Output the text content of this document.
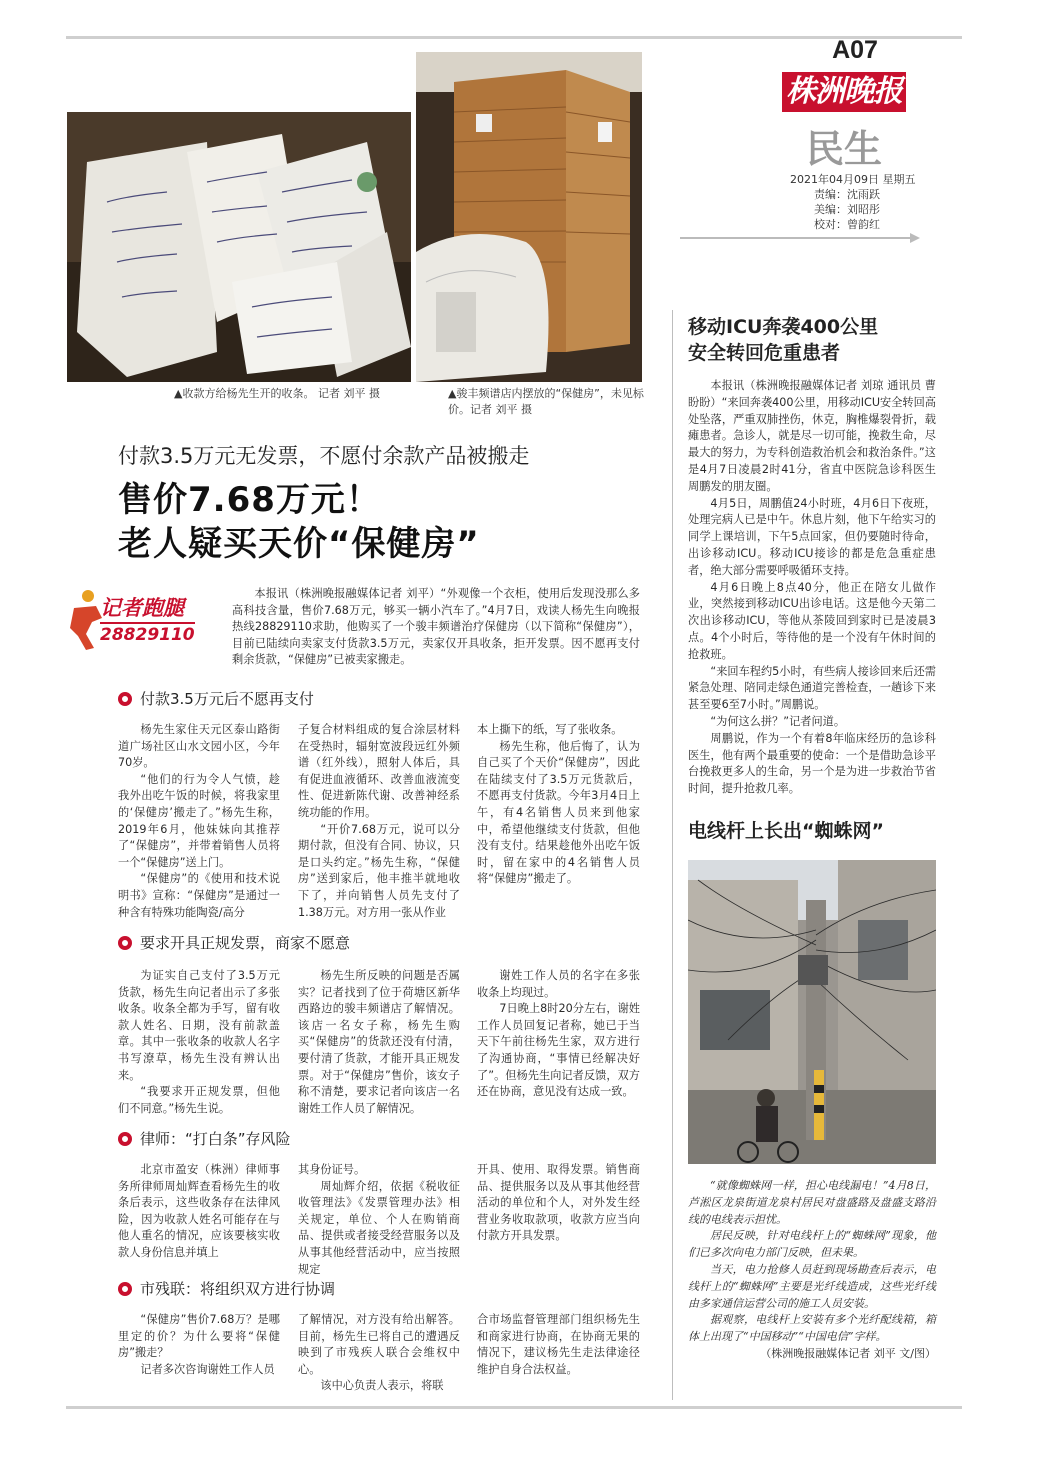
A07
株洲晚报
民生
2021年04月09日 星期五
责编：沈雨跃
美编：刘昭彤
校对：曾韵红
▲收款方给杨先生开的收条。 记者 刘平 摄	▲骏丰频谱店内摆放的“保健房”，未见标价。记者 刘平 摄
付款3.5万元无发票，不愿付余款产品被搬走
售价7.68万元！
老人疑买天价“保健房”
记者跑腿
28829110

本报讯（株洲晚报融媒体记者 刘平）“外观像一个衣柜，使用后发现没那么多高科技含量，售价7.68万元，够买一辆小汽车了。”4月7日，戏读人杨先生向晚报热线28829110求助，他购买了一个骏丰频谱治疗保健房（以下简称“保健房”），目前已陆续向卖家支付货款3.5万元，卖家仅开具收条，拒开发票。因不愿再支付剩余货款，“保健房”已被卖家搬走。

付款3.5万元后不愿再支付

杨先生家住天元区泰山路街道广场社区山水文园小区，今年70岁。

“他们的行为令人气愤，趁我外出吃午饭的时候，将我家里的‘保健房’搬走了。”杨先生称，2019年6月，他妹妹向其推荐了“保健房”，并带着销售人员将一个“保健房”送上门。

“保健房”的《使用和技术说明书》宣称：“保健房”是通过一种含有特殊功能陶瓷/高分

子复合材料组成的复合涂层材料在受热时，辐射宽波段远红外频谱（红外线），照射人体后，具有促进血液循环、改善血液流变性、促进新陈代谢、改善神经系统功能的作用。

“开价7.68万元，说可以分期付款，但没有合同、协议，只是口头约定。”杨先生称，“保健房”送到家后，他丰推半就地收下了，并向销售人员先支付了1.38万元。对方用一张从作业

本上撕下的纸，写了张收条。

杨先生称，他后悔了，认为自己买了个天价“保健房”，因此在陆续支付了3.5万元货款后，不愿再支付货款。今年3月4日上午，有4名销售人员来到他家中，希望他继续支付货款，但他没有支付。结果趁他外出吃午饭时，留在家中的4名销售人员将“保健房”搬走了。

要求开具正规发票，商家不愿意

为证实自己支付了3.5万元货款，杨先生向记者出示了多张收条。收条全都为手写，留有收款人姓名、日期，没有前款盖章。其中一张收条的收款人名字书写潦草，杨先生没有辨认出来。

“我要求开正规发票，但他们不同意。”杨先生说。

杨先生所反映的问题是否属实？记者找到了位于荷塘区新华西路边的骏丰频谱店了解情况。该店一名女子称，杨先生购买“保健房”的货款还没有付清，要付清了货款，才能开具正规发票。对于“保健房”售价，该女子称不清楚，要求记者向该店一名谢姓工作人员了解情况。

谢姓工作人员的名字在多张收条上均现过。

7日晚上8时20分左右，谢姓工作人员回复记者称，她已于当天下午前往杨先生家，双方进行了沟通协商，“事情已经解决好了”。但杨先生向记者反馈，双方还在协商，意见没有达成一致。

律师：“打白条”存风险

北京市盈安（株洲）律师事务所律师周灿辉查看杨先生的收条后表示，这些收条存在法律风险，因为收款人姓名可能存在与他人重名的情况，应该要核实收款人身份信息并填上

其身份证号。

周灿辉介绍，依据《税收征收管理法》《发票管理办法》相关规定，单位、个人在购销商品、提供或者接受经营服务以及从事其他经营活动中，应当按照规定

开具、使用、取得发票。销售商品、提供服务以及从事其他经营活动的单位和个人，对外发生经营业务收取款项，收款方应当向付款方开具发票。

市残联：将组织双方进行协调

“保健房”售价7.68万？是哪里定的价？为什么要将“保健房”搬走？

记者多次咨询谢姓工作人员

了解情况，对方没有给出解答。目前，杨先生已将自己的遭遇反映到了市残疾人联合会维权中心。

该中心负责人表示，将联

合市场监督管理部门组织杨先生和商家进行协商，在协商无果的情况下，建议杨先生走法律途径维护自身合法权益。

移动ICU奔袭400公里
安全转回危重患者

本报讯（株洲晚报融媒体记者 刘琼 通讯员 曹盼盼）“来回奔袭400公里，用移动ICU安全转回高处坠落，严重双肺挫伤，休克，胸椎爆裂骨折，载瘫患者。急诊人，就是尽一切可能，挽救生命，尽最大的努力，为专科创造救治机会和救治条件。”这是4月7日凌晨2时41分，省直中医院急诊科医生周鹏发的朋友圈。

4月5日，周鹏值24小时班，4月6日下夜班，处理完病人已是中午。休息片刻，他下午给实习的同学上课培训，下午5点回家，但仍要随时待命，出诊移动ICU。移动ICU接诊的都是危急重症患者，绝大部分需要呼吸循环支持。

4月6日晚上8点40分，他正在陪女儿做作业，突然接到移动ICU出诊电话。这是他今天第二次出诊移动ICU，等他从茶陵回到家时已是凌晨3点。4个小时后，等待他的是一个没有午休时间的抢救班。

“来回车程约5小时，有些病人接诊回来后还需紧急处理、陪同走绿色通道完善检查，一趟诊下来甚至要6至7小时。”周鹏说。

“为何这么拼？”记者问道。

周鹏说，作为一个有着8年临床经历的急诊科医生，他有两个最重要的使命：一个是借助急诊平台挽救更多人的生命，另一个是为进一步救治节省时间，提升抢救几率。

电线杆上长出“蜘蛛网”

“就像蜘蛛网一样，担心电线漏电！”4月8日，芦淞区龙泉街道龙泉村居民对盘盛路及盘盛支路沿线的电线表示担忧。

居民反映，针对电线杆上的“蜘蛛网”现象，他们已多次向电力部门反映，但未果。

当天，电力抢修人员赶到现场勘查后表示，电线杆上的“蜘蛛网”主要是光纤线造成，这些光纤线由多家通信运营公司的施工人员安装。

据观察，电线杆上安装有多个光纤配线箱，箱体上出现了“中国移动”“中国电信”字样。

（株洲晚报融媒体记者 刘平 文/图）
